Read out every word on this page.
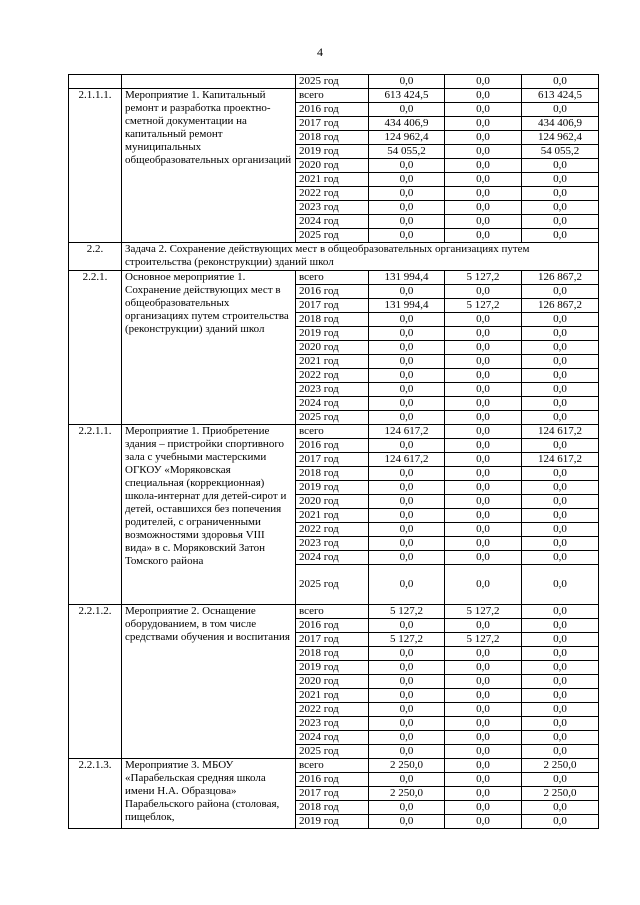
4
		2025 год	0,0	0,0	0,0
2.1.1.1.	Мероприятие 1. Капитальный ремонт и разработка проектно-сметной документации на капитальный ремонт муниципальных общеобразовательных организаций	всего	613 424,5	0,0	613 424,5
		2016 год	0,0	0,0	0,0
		2017 год	434 406,9	0,0	434 406,9
		2018 год	124 962,4	0,0	124 962,4
		2019 год	54 055,2	0,0	54 055,2
		2020 год	0,0	0,0	0,0
		2021 год	0,0	0,0	0,0
		2022 год	0,0	0,0	0,0
		2023 год	0,0	0,0	0,0
		2024 год	0,0	0,0	0,0
		2025 год	0,0	0,0	0,0
2.2.	Задача 2. Сохранение действующих мест в общеобразовательных организациях путем строительства (реконструкции) зданий школ				
2.2.1.	Основное мероприятие 1. Сохранение действующих мест в общеобразовательных организациях путем строительства (реконструкции) зданий школ	всего	131 994,4	5 127,2	126 867,2
		2016 год	0,0	0,0	0,0
		2017 год	131 994,4	5 127,2	126 867,2
		2018 год	0,0	0,0	0,0
		2019 год	0,0	0,0	0,0
		2020 год	0,0	0,0	0,0
		2021 год	0,0	0,0	0,0
		2022 год	0,0	0,0	0,0
		2023 год	0,0	0,0	0,0
		2024 год	0,0	0,0	0,0
		2025 год	0,0	0,0	0,0
2.2.1.1.	Мероприятие 1. Приобретение здания – пристройки спортивного зала с учебными мастерскими ОГКОУ «Моряковская специальная (коррекционная) школа-интернат для детей-сирот и детей, оставшихся без попечения родителей, с ограниченными возможностями здоровья VIII вида» в с. Моряковский Затон Томского района	всего	124 617,2	0,0	124 617,2
		2016 год	0,0	0,0	0,0
		2017 год	124 617,2	0,0	124 617,2
		2018 год	0,0	0,0	0,0
		2019 год	0,0	0,0	0,0
		2020 год	0,0	0,0	0,0
		2021 год	0,0	0,0	0,0
		2022 год	0,0	0,0	0,0
		2023 год	0,0	0,0	0,0
		2024 год	0,0	0,0	0,0
		2025 год	0,0	0,0	0,0
2.2.1.2.	Мероприятие 2. Оснащение оборудованием, в том числе средствами обучения и воспитания	всего	5 127,2	5 127,2	0,0
		2016 год	0,0	0,0	0,0
		2017 год	5 127,2	5 127,2	0,0
		2018 год	0,0	0,0	0,0
		2019 год	0,0	0,0	0,0
		2020 год	0,0	0,0	0,0
		2021 год	0,0	0,0	0,0
		2022 год	0,0	0,0	0,0
		2023 год	0,0	0,0	0,0
		2024 год	0,0	0,0	0,0
		2025 год	0,0	0,0	0,0
2.2.1.3.	Мероприятие 3. МБОУ «Парабельская средняя школа имени Н.А. Образцова» Парабельского района (столовая, пищеблок,	всего	2 250,0	0,0	2 250,0
		2016 год	0,0	0,0	0,0
		2017 год	2 250,0	0,0	2 250,0
		2018 год	0,0	0,0	0,0
		2019 год	0,0	0,0	0,0
